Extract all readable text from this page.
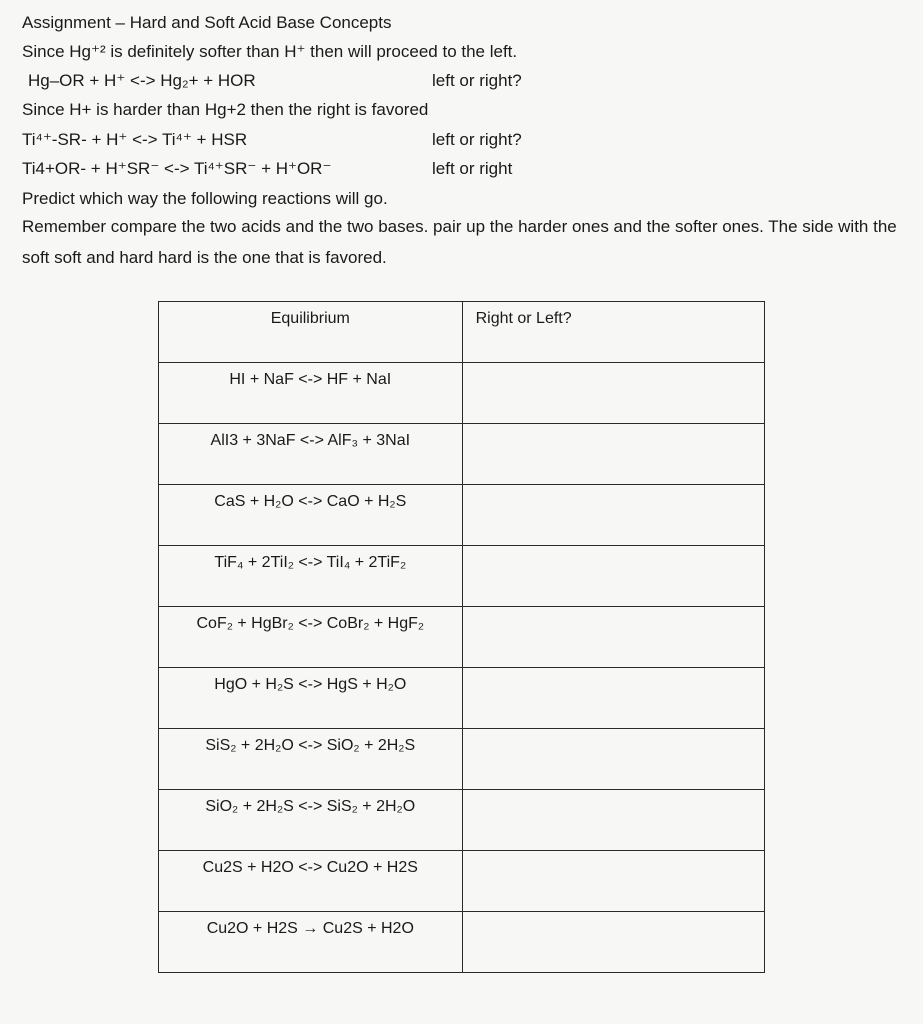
Assignment – Hard and Soft Acid Base Concepts
Since Hg⁺² is definitely softer than H⁺ then will proceed to the left.
Hg–OR + H⁺ <-> Hg₂+ + HOR	left or right?
Since H+ is harder than Hg+2 then the right is favored
Ti⁴⁺-SR- + H⁺ <-> Ti⁴⁺ + HSR	left or right?
Ti4+OR- + H⁺SR⁻ <-> Ti⁴⁺SR⁻ + H⁺OR⁻	left or right
Predict which way the following reactions will go.
Remember compare the two acids and the two bases. pair up the harder ones and the softer ones. The side with the soft soft and hard hard is the one that is favored.
Equilibrium	Right or Left?

HI + NaF <-> HF + NaI	

AlI3 + 3NaF <-> AlF₃ + 3NaI	

CaS + H₂O <-> CaO + H₂S	

TiF₄ + 2TiI₂ <-> TiI₄ + 2TiF₂	

CoF₂ + HgBr₂ <-> CoBr₂ + HgF₂	

HgO + H₂S <-> HgS + H₂O	

SiS₂ + 2H₂O <-> SiO₂ + 2H₂S	

SiO₂ + 2H₂S <-> SiS₂ + 2H₂O	

Cu2S + H2O <-> Cu2O + H2S	

Cu2O + H2S → Cu2S + H2O	
